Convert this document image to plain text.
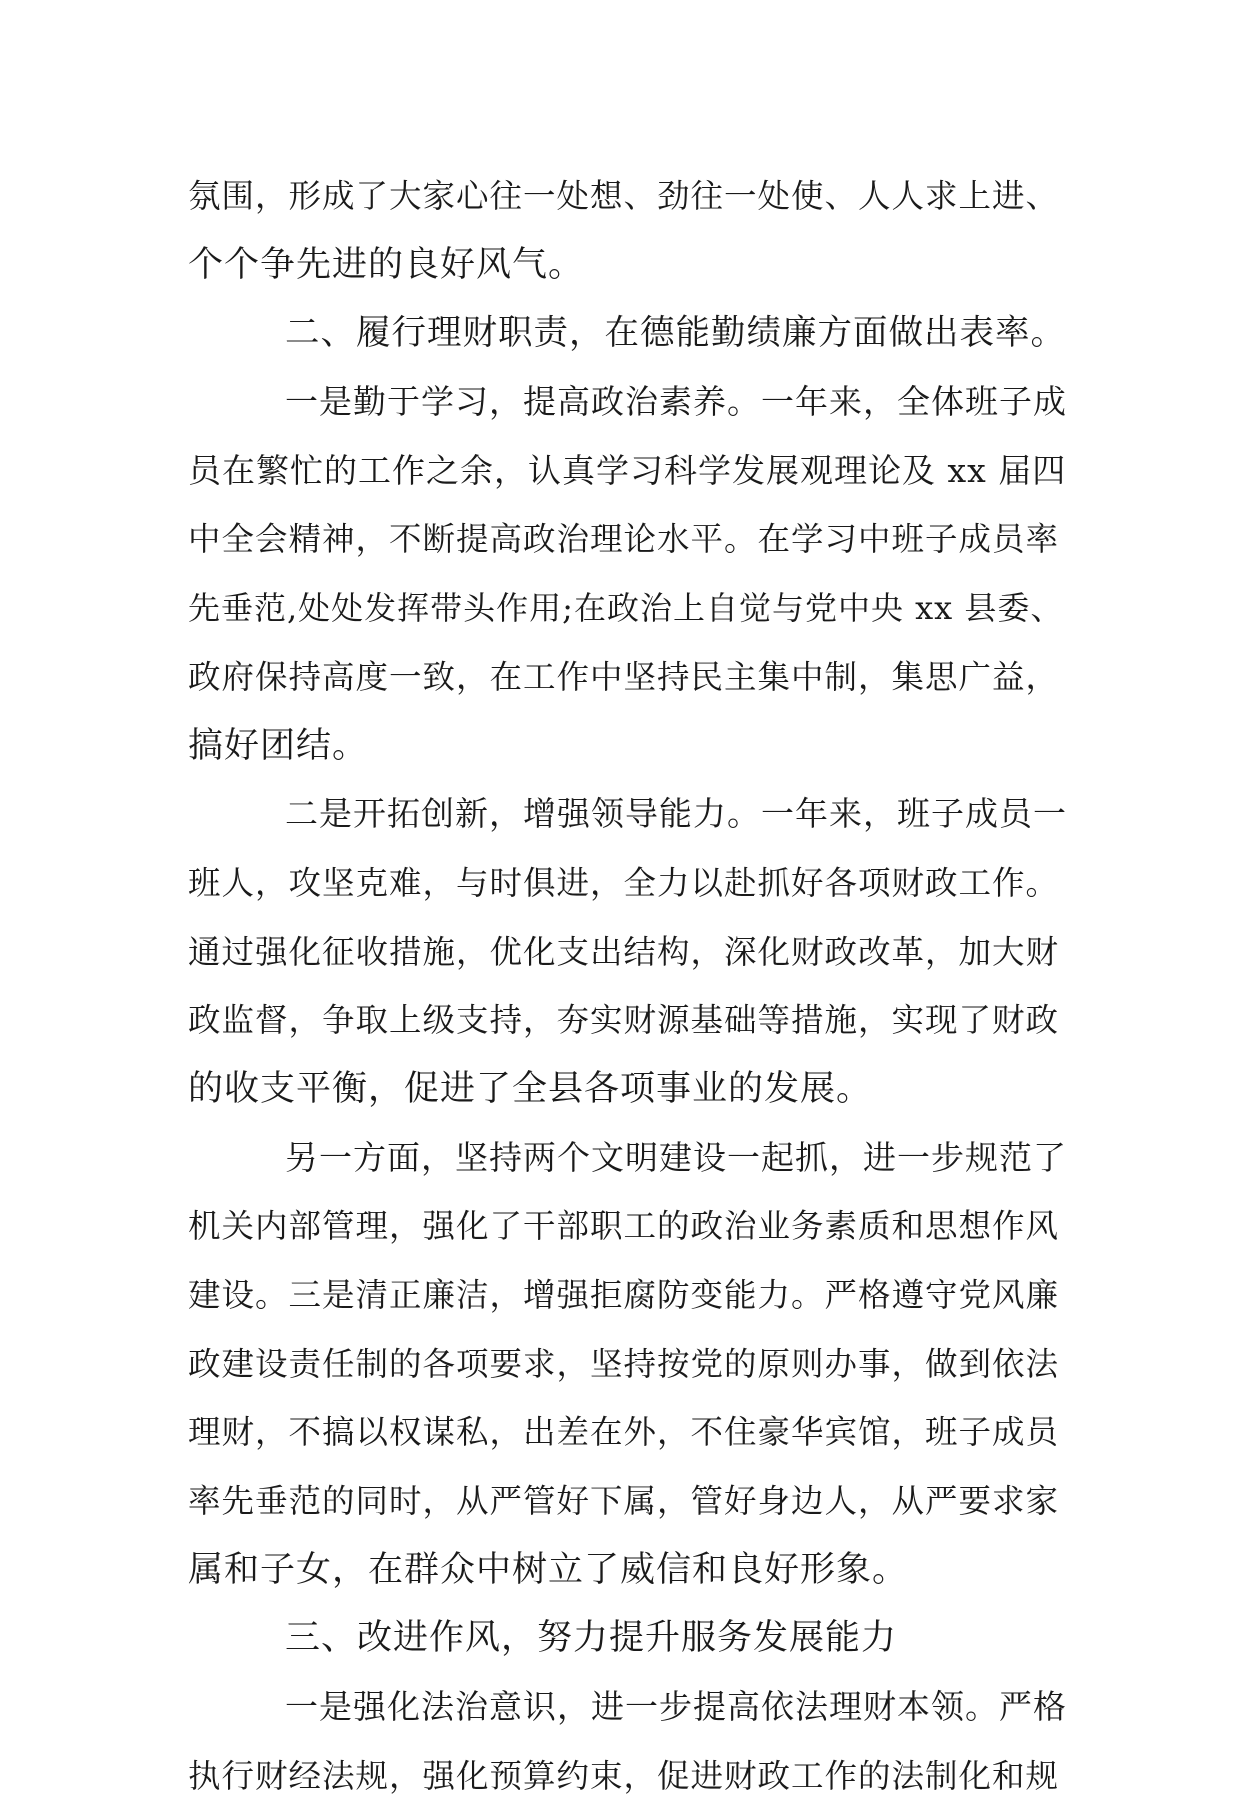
氛围，形成了大家心往一处想、劲往一处使、人人求上进、
个个争先进的良好风气。
二、履行理财职责，在德能勤绩廉方面做出表率。
一是勤于学习，提高政治素养。一年来，全体班子成
员在繁忙的工作之余，认真学习科学发展观理论及 xx 届四
中全会精神，不断提高政治理论水平。在学习中班子成员率
先垂范,处处发挥带头作用;在政治上自觉与党中央 xx 县委、
政府保持高度一致，在工作中坚持民主集中制，集思广益，
搞好团结。
二是开拓创新，增强领导能力。一年来，班子成员一
班人，攻坚克难，与时俱进，全力以赴抓好各项财政工作。
通过强化征收措施，优化支出结构，深化财政改革，加大财
政监督，争取上级支持，夯实财源基础等措施，实现了财政
的收支平衡，促进了全县各项事业的发展。
另一方面，坚持两个文明建设一起抓，进一步规范了
机关内部管理，强化了干部职工的政治业务素质和思想作风
建设。三是清正廉洁，增强拒腐防变能力。严格遵守党风廉
政建设责任制的各项要求，坚持按党的原则办事，做到依法
理财，不搞以权谋私，出差在外，不住豪华宾馆，班子成员
率先垂范的同时，从严管好下属，管好身边人，从严要求家
属和子女，在群众中树立了威信和良好形象。
三、改进作风，努力提升服务发展能力
一是强化法治意识，进一步提高依法理财本领。严格
执行财经法规，强化预算约束，促进财政工作的法制化和规
